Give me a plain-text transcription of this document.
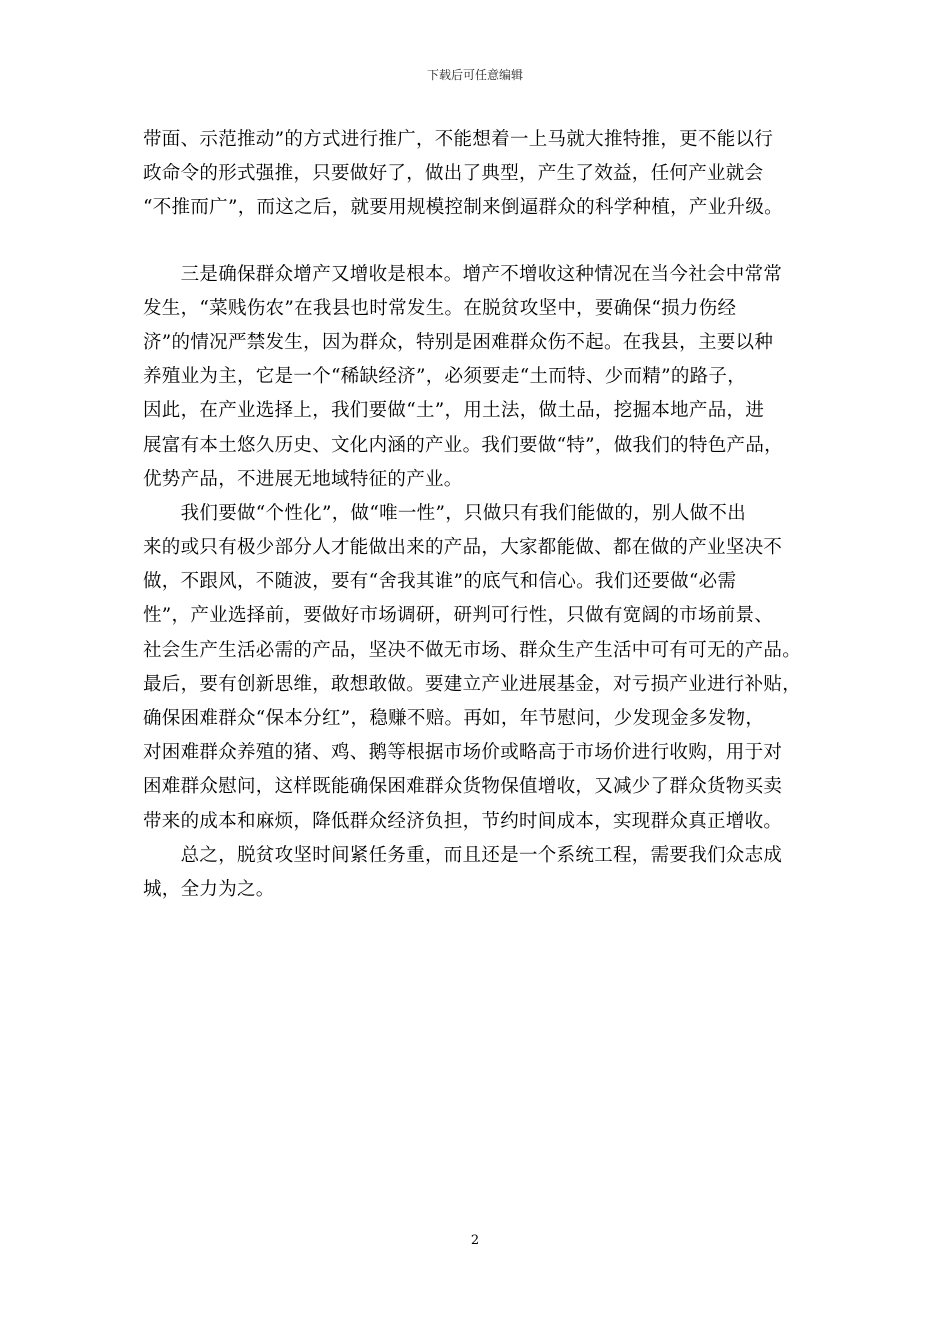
下载后可任意编辑
带面、示范推动”的方式进行推广，不能想着一上马就大推特推，更不能以行
政命令的形式强推，只要做好了，做出了典型，产生了效益，任何产业就会
“不推而广”，而这之后，就要用规模控制来倒逼群众的科学种植，产业升级。
　　三是确保群众增产又增收是根本。增产不增收这种情况在当今社会中常常
发生，“菜贱伤农”在我县也时常发生。在脱贫攻坚中，要确保“损力伤经
济”的情况严禁发生，因为群众，特别是困难群众伤不起。在我县，主要以种
养殖业为主，它是一个“稀缺经济”，必须要走“土而特、少而精”的路子，
因此，在产业选择上，我们要做“土”，用土法，做土品，挖掘本地产品，进
展富有本土悠久历史、文化内涵的产业。我们要做“特”，做我们的特色产品，
优势产品，不进展无地域特征的产业。
　　我们要做“个性化”，做“唯一性”，只做只有我们能做的，别人做不出
来的或只有极少部分人才能做出来的产品，大家都能做、都在做的产业坚决不
做，不跟风，不随波，要有“舍我其谁”的底气和信心。我们还要做“必需
性”，产业选择前，要做好市场调研，研判可行性，只做有宽阔的市场前景、
社会生产生活必需的产品，坚决不做无市场、群众生产生活中可有可无的产品。
最后，要有创新思维，敢想敢做。要建立产业进展基金，对亏损产业进行补贴，
确保困难群众“保本分红”，稳赚不赔。再如，年节慰问，少发现金多发物，
对困难群众养殖的猪、鸡、鹅等根据市场价或略高于市场价进行收购，用于对
困难群众慰问，这样既能确保困难群众货物保值增收，又减少了群众货物买卖
带来的成本和麻烦，降低群众经济负担，节约时间成本，实现群众真正增收。
　　总之，脱贫攻坚时间紧任务重，而且还是一个系统工程，需要我们众志成
城，全力为之。
2
